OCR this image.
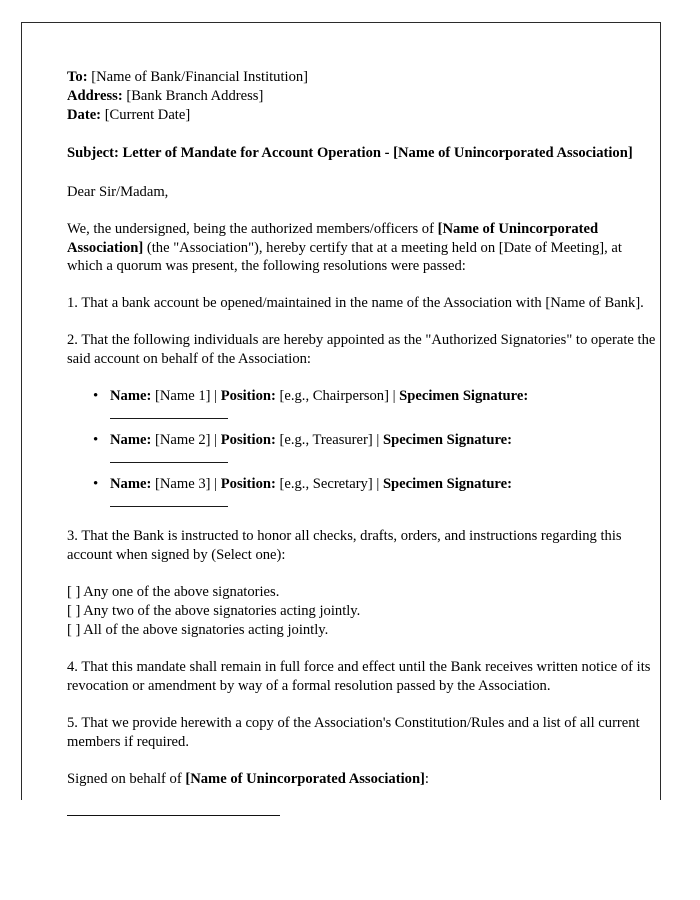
To: [Name of Bank/Financial Institution]

Address: [Bank Branch Address]

Date: [Current Date]

Subject: Letter of Mandate for Account Operation - [Name of Unincorporated Association]

Dear Sir/Madam,

We, the undersigned, being the authorized members/officers of [Name of Unincorporated Association] (the "Association"), hereby certify that at a meeting held on [Date of Meeting], at which a quorum was present, the following resolutions were passed:

1. That a bank account be opened/maintained in the name of the Association with [Name of Bank].

2. That the following individuals are hereby appointed as the "Authorized Signatories" to operate the said account on behalf of the Association:

• Name: [Name 1] | Position: [e.g., Chairperson] | Specimen Signature:
• Name: [Name 2] | Position: [e.g., Treasurer] | Specimen Signature:
• Name: [Name 3] | Position: [e.g., Secretary] | Specimen Signature:

3. That the Bank is instructed to honor all checks, drafts, orders, and instructions regarding this account when signed by (Select one):

[ ] Any one of the above signatories.

[ ] Any two of the above signatories acting jointly.

[ ] All of the above signatories acting jointly.

4. That this mandate shall remain in full force and effect until the Bank receives written notice of its revocation or amendment by way of a formal resolution passed by the Association.

5. That we provide herewith a copy of the Association's Constitution/Rules and a list of all current members if required.

Signed on behalf of [Name of Unincorporated Association]:
